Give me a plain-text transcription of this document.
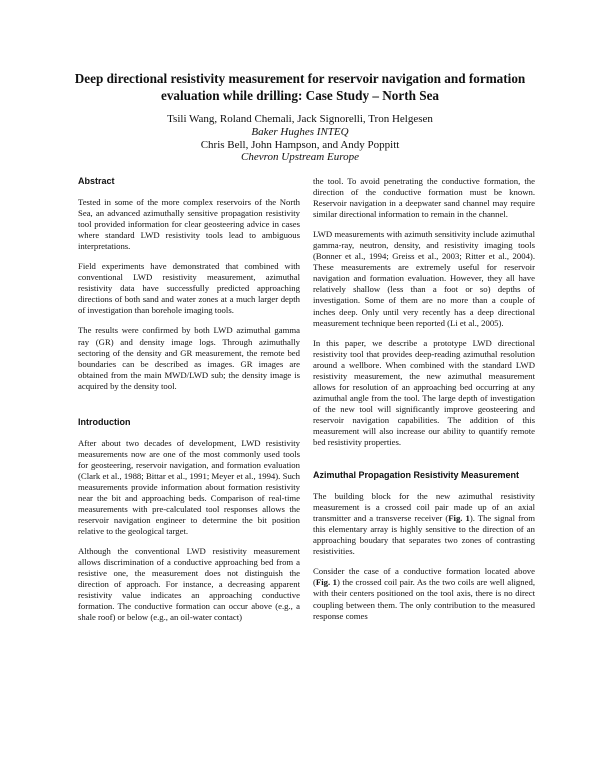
Deep directional resistivity measurement for reservoir navigation and formation evaluation while drilling: Case Study – North Sea
Tsili Wang, Roland Chemali, Jack Signorelli, Tron Helgesen
Baker Hughes INTEQ
Chris Bell, John Hampson, and Andy Poppitt
Chevron Upstream Europe
Abstract

Tested in some of the more complex reservoirs of the North Sea, an advanced azimuthally sensitive propagation resistivity tool provided information for clear geosteering advice in cases where standard LWD resistivity tools lead to ambiguous interpretations.

Field experiments have demonstrated that combined with conventional LWD resistivity measurement, azimuthal resistivity data have successfully predicted approaching directions of both sand and water zones at a much larger depth of investigation than borehole imaging tools.

The results were confirmed by both LWD azimuthal gamma ray (GR) and density image logs. Through azimuthally sectoring of the density and GR measurement, the remote bed boundaries can be described as images. GR images are obtained from the main MWD/LWD sub; the density image is acquired by the density tool.

Introduction

After about two decades of development, LWD resistivity measurements now are one of the most commonly used tools for geosteering, reservoir navigation, and formation evaluation (Clark et al., 1988; Bittar et al., 1991; Meyer et al., 1994). Such measurements provide information about formation resistivity near the bit and approaching beds. Comparison of real-time measurements with pre-calculated tool responses allows the reservoir navigation engineer to determine the bit position relative to the geological target.

Although the conventional LWD resistivity measurement allows discrimination of a conductive approaching bed from a resistive one, the measurement does not distinguish the direction of approach. For instance, a decreasing apparent resistivity value indicates an approaching conductive formation. The conductive formation can occur above (e.g., a shale roof) or below (e.g., an oil-water contact)

the tool. To avoid penetrating the conductive formation, the direction of the conductive formation must be known. Reservoir navigation in a deepwater sand channel may require similar directional information to remain in the channel.

LWD measurements with azimuth sensitivity include azimuthal gamma-ray, neutron, density, and resistivity imaging tools (Bonner et al., 1994; Greiss et al., 2003; Ritter et al., 2004). These measurements are extremely useful for reservoir navigation and formation evaluation. However, they all have relatively shallow (less than a foot or so) depths of investigation. Some of them are no more than a couple of inches deep. Only until very recently has a deep directional measurement technique been reported (Li et al., 2005).

In this paper, we describe a prototype LWD directional resistivity tool that provides deep-reading azimuthal resolution around a wellbore. When combined with the standard LWD resistivity measurement, the new azimuthal measurement allows for resolution of an approaching bed occurring at any azimuthal angle from the tool. The large depth of investigation of the new tool will significantly improve geosteering and reservoir navigation capabilities. The addition of this measurement will also increase our ability to quantify remote bed resistivity properties.

Azimuthal Propagation Resistivity Measurement

The building block for the new azimuthal resistivity measurement is a crossed coil pair made up of an axial transmitter and a transverse receiver (Fig. 1). The signal from this elementary array is highly sensitive to the direction of an approaching boudary that separates two zones of contrasting resistivities.

Consider the case of a conductive formation located above (Fig. 1) the crossed coil pair. As the two coils are well aligned, with their centers positioned on the tool axis, there is no direct coupling between them. The only contribution to the measured response comes
